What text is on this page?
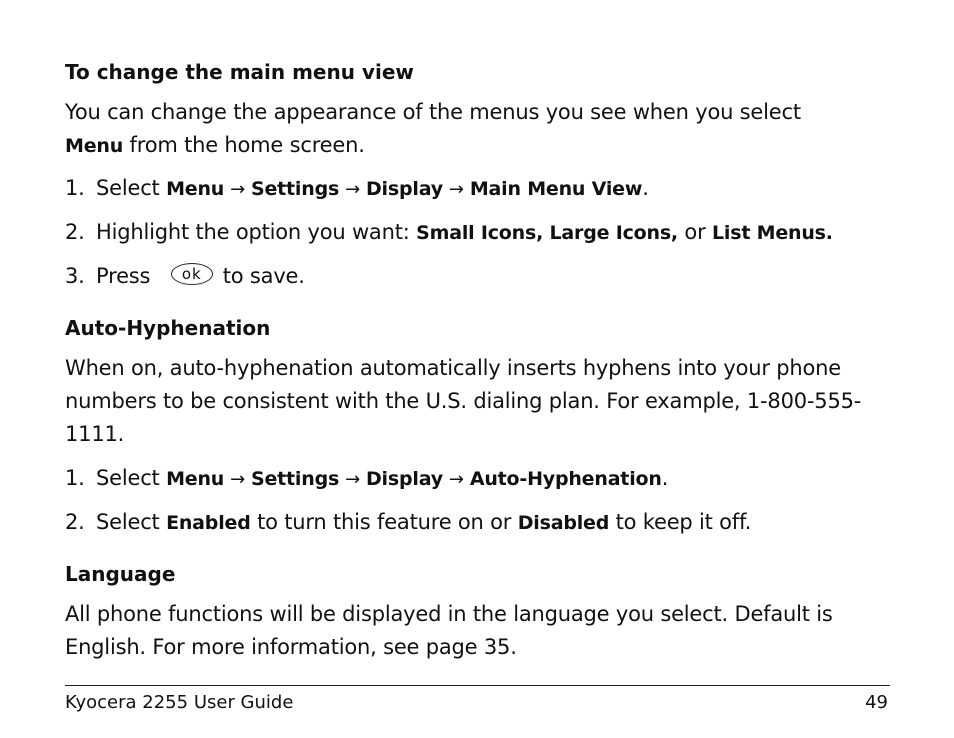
To change the main menu view
You can change the appearance of the menus you see when you select
Menu from the home screen.
1. Select Menu → Settings → Display → Main Menu View.
2. Highlight the option you want: Small Icons, Large Icons, or List Menus.
3. Press ok to save.
Auto-Hyphenation
When on, auto-hyphenation automatically inserts hyphens into your phone numbers to be consistent with the U.S. dialing plan. For example, 1-800-555-1111.
1. Select Menu → Settings → Display → Auto-Hyphenation.
2. Select Enabled to turn this feature on or Disabled to keep it off.
Language
All phone functions will be displayed in the language you select. Default is English. For more information, see page 35.
Kyocera 2255 User Guide	49
